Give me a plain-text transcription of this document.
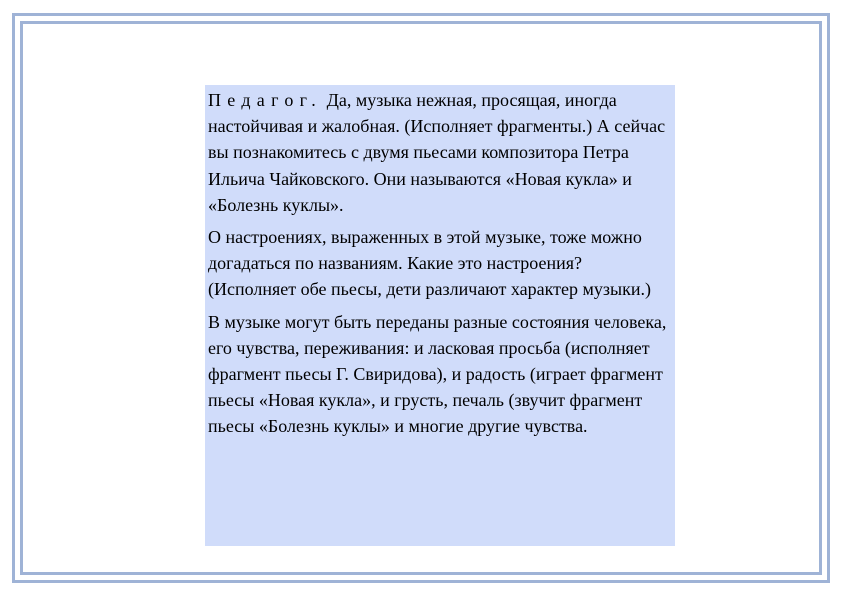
Педагог. Да, музыка нежная, просящая, иногда настойчивая и жалобная. (Исполняет фрагменты.) А сейчас вы познакомитесь с двумя пьесами композитора Петра Ильича Чайковского. Они называются «Новая кукла» и «Болезнь куклы».

О настроениях, выраженных в этой музыке, тоже можно догадаться по названиям. Какие это настроения? (Исполняет обе пьесы, дети различают характер музыки.)

В музыке могут быть переданы разные состояния человека, его чувства, переживания: и ласковая просьба (исполняет фрагмент пьесы Г. Свиридова), и радость (играет фрагмент пьесы «Новая кукла», и грусть, печаль (звучит фрагмент пьесы «Болезнь куклы» и многие другие чувства.
